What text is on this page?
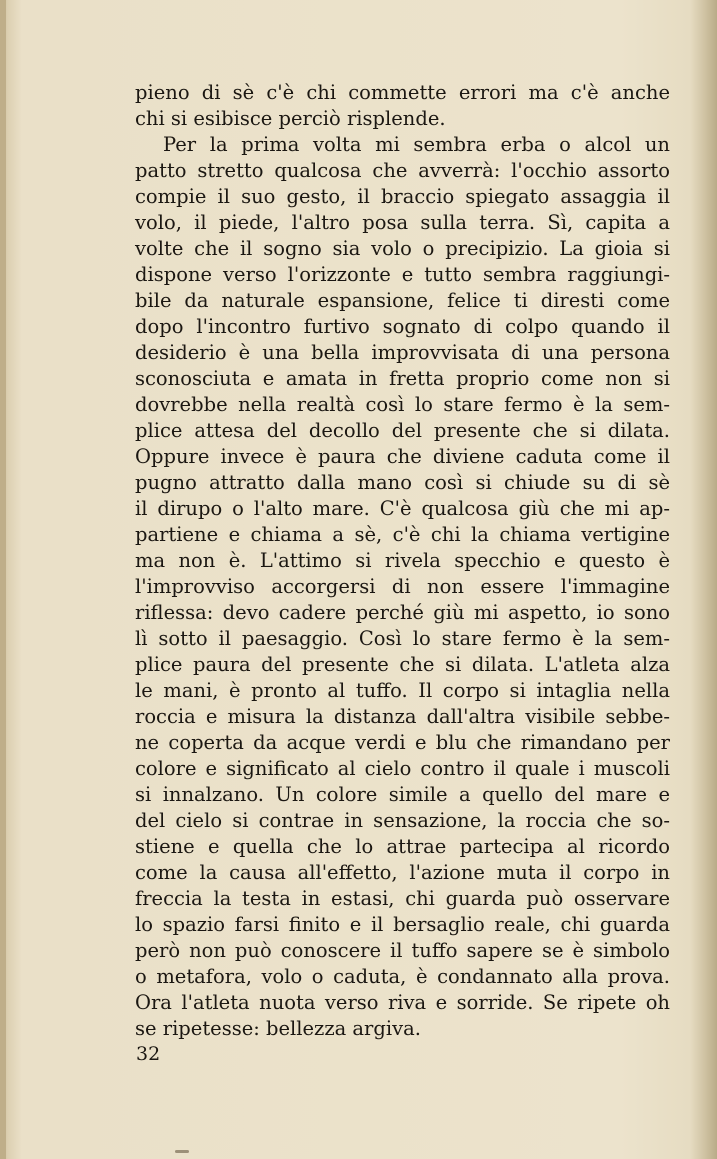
pieno di sè c'è chi commette errori ma c'è anche
chi si esibisce perciò risplende.
Per la prima volta mi sembra erba o alcol un
patto stretto qualcosa che avverrà: l'occhio assorto
compie il suo gesto, il braccio spiegato assaggia il
volo, il piede, l'altro posa sulla terra. Sì, capita a
volte che il sogno sia volo o precipizio. La gioia si
dispone verso l'orizzonte e tutto sembra raggiungi-
bile da naturale espansione, felice ti diresti come
dopo l'incontro furtivo sognato di colpo quando il
desiderio è una bella improvvisata di una persona
sconosciuta e amata in fretta proprio come non si
dovrebbe nella realtà così lo stare fermo è la sem-
plice attesa del decollo del presente che si dilata.
Oppure invece è paura che diviene caduta come il
pugno attratto dalla mano così si chiude su di sè
il dirupo o l'alto mare. C'è qualcosa giù che mi ap-
partiene e chiama a sè, c'è chi la chiama vertigine
ma non è. L'attimo si rivela specchio e questo è
l'improvviso accorgersi di non essere l'immagine
riflessa: devo cadere perché giù mi aspetto, io sono
lì sotto il paesaggio. Così lo stare fermo è la sem-
plice paura del presente che si dilata. L'atleta alza
le mani, è pronto al tuffo. Il corpo si intaglia nella
roccia e misura la distanza dall'altra visibile sebbe-
ne coperta da acque verdi e blu che rimandano per
colore e significato al cielo contro il quale i muscoli
si innalzano. Un colore simile a quello del mare e
del cielo si contrae in sensazione, la roccia che so-
stiene e quella che lo attrae partecipa al ricordo
come la causa all'effetto, l'azione muta il corpo in
freccia la testa in estasi, chi guarda può osservare
lo spazio farsi finito e il bersaglio reale, chi guarda
però non può conoscere il tuffo sapere se è simbolo
o metafora, volo o caduta, è condannato alla prova.
Ora l'atleta nuota verso riva e sorride. Se ripete oh
se ripetesse: bellezza argiva.
32
